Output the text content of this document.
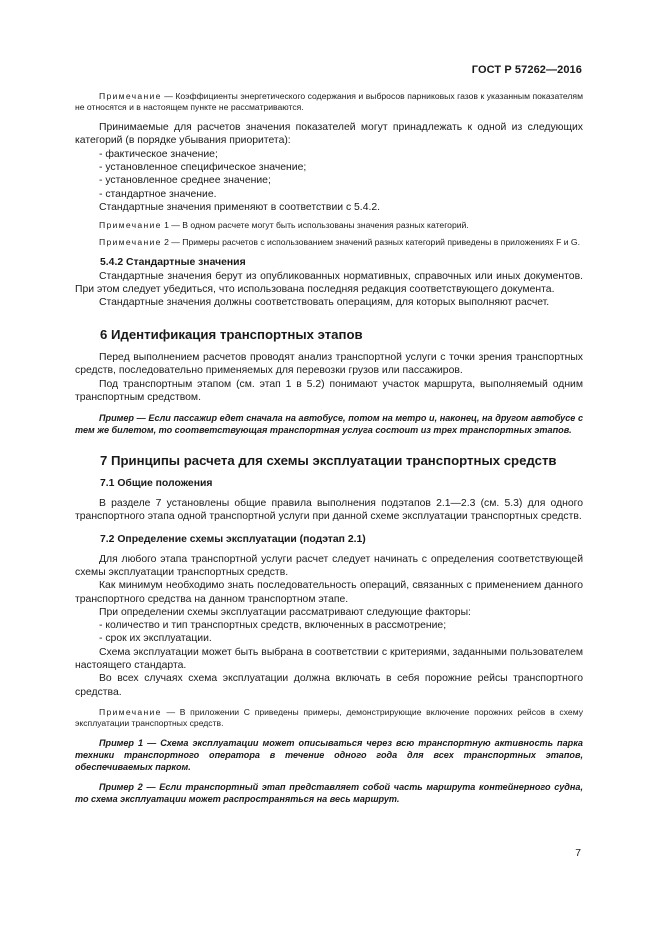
ГОСТ Р 57262—2016

Примечание — Коэффициенты энергетического содержания и выбросов парниковых газов к указанным показателям не относятся и в настоящем пункте не рассматриваются.

Принимаемые для расчетов значения показателей могут принадлежать к одной из следующих категорий (в порядке убывания приоритета):

- фактическое значение;

- установленное специфическое значение;

- установленное среднее значение;

- стандартное значение.

Стандартные значения применяют в соответствии с 5.4.2.

Примечание 1 — В одном расчете могут быть использованы значения разных категорий.

Примечание 2 — Примеры расчетов с использованием значений разных категорий приведены в приложениях F и G.

5.4.2 Стандартные значения

Стандартные значения берут из опубликованных нормативных, справочных или иных документов. При этом следует убедиться, что использована последняя редакция соответствующего документа.

Стандартные значения должны соответствовать операциям, для которых выполняют расчет.

6 Идентификация транспортных этапов

Перед выполнением расчетов проводят анализ транспортной услуги с точки зрения транспортных средств, последовательно применяемых для перевозки грузов или пассажиров.

Под транспортным этапом (см. этап 1 в 5.2) понимают участок маршрута, выполняемый одним транспортным средством.

Пример — Если пассажир едет сначала на автобусе, потом на метро и, наконец, на другом автобусе с тем же билетом, то соответствующая транспортная услуга состоит из трех транспортных этапов.

7 Принципы расчета для схемы эксплуатации транспортных средств
7.1 Общие положения

В разделе 7 установлены общие правила выполнения подэтапов 2.1—2.3 (см. 5.3) для одного транспортного этапа одной транспортной услуги при данной схеме эксплуатации транспортных средств.

7.2 Определение схемы эксплуатации (подэтап 2.1)

Для любого этапа транспортной услуги расчет следует начинать с определения соответствующей схемы эксплуатации транспортных средств.

Как минимум необходимо знать последовательность операций, связанных с применением данного транспортного средства на данном транспортном этапе.

При определении схемы эксплуатации рассматривают следующие факторы:

- количество и тип транспортных средств, включенных в рассмотрение;

- срок их эксплуатации.

Схема эксплуатации может быть выбрана в соответствии с критериями, заданными пользователем настоящего стандарта.

Во всех случаях схема эксплуатации должна включать в себя порожние рейсы транспортного средства.

Примечание — В приложении С приведены примеры, демонстрирующие включение порожних рейсов в схему эксплуатации транспортных средств.

Пример 1 — Схема эксплуатации может описываться через всю транспортную активность парка техники транспортного оператора в течение одного года для всех транспортных этапов, обеспечиваемых парком.

Пример 2 — Если транспортный этап представляет собой часть маршрута контейнерного судна, то схема эксплуатации может распространяться на весь маршрут.

7
